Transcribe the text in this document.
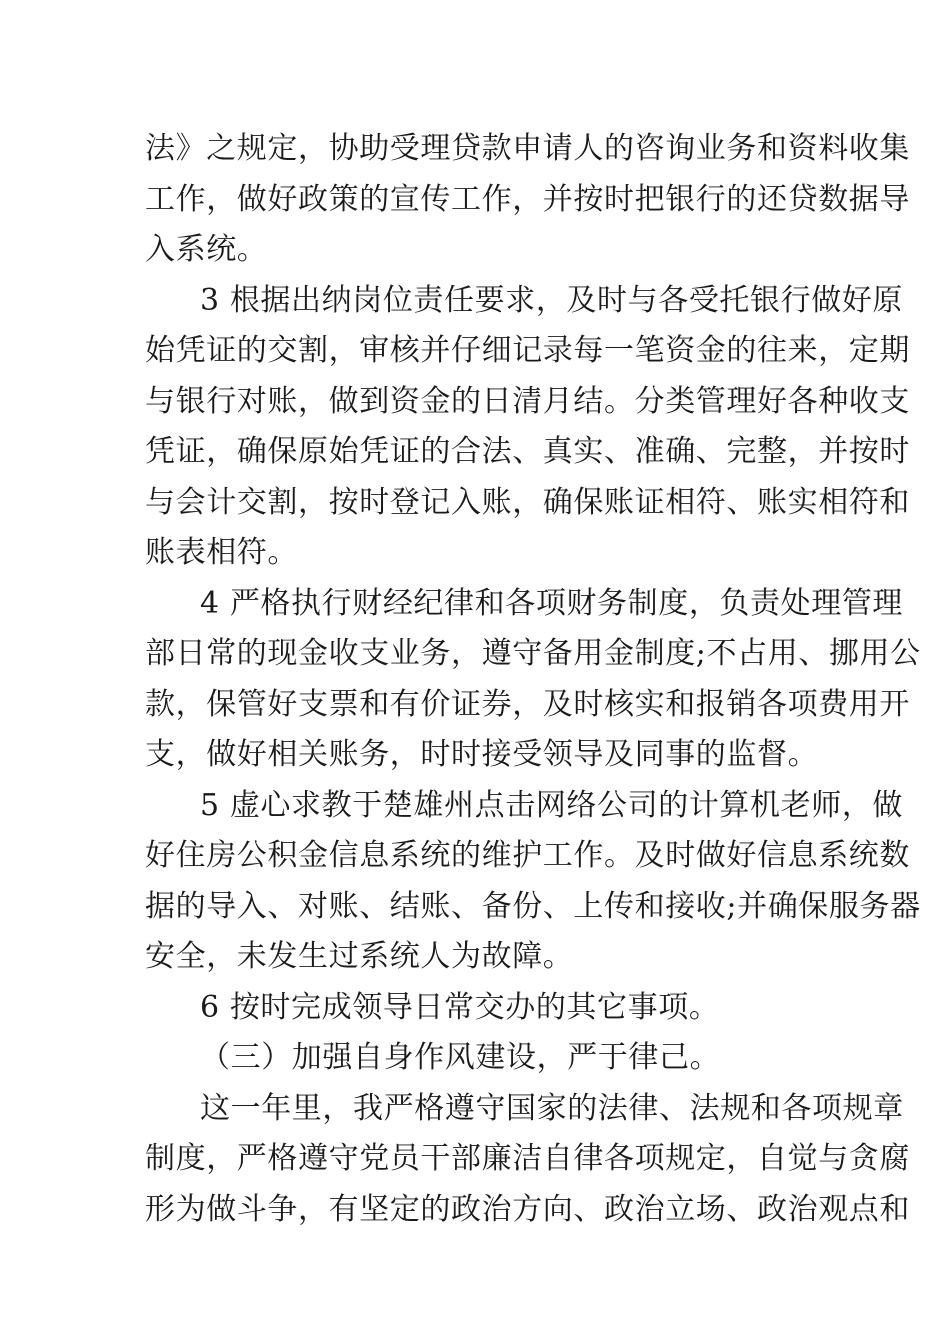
法》之规定，协助受理贷款申请人的咨询业务和资料收集
工作，做好政策的宣传工作，并按时把银行的还贷数据导
入系统。
3 根据出纳岗位责任要求，及时与各受托银行做好原
始凭证的交割，审核并仔细记录每一笔资金的往来，定期
与银行对账，做到资金的日清月结。分类管理好各种收支
凭证，确保原始凭证的合法、真实、准确、完整，并按时
与会计交割，按时登记入账，确保账证相符、账实相符和
账表相符。
4 严格执行财经纪律和各项财务制度，负责处理管理
部日常的现金收支业务，遵守备用金制度;不占用、挪用公
款，保管好支票和有价证券，及时核实和报销各项费用开
支，做好相关账务，时时接受领导及同事的监督。
5 虚心求教于楚雄州点击网络公司的计算机老师，做
好住房公积金信息系统的维护工作。及时做好信息系统数
据的导入、对账、结账、备份、上传和接收;并确保服务器
安全，未发生过系统人为故障。
6 按时完成领导日常交办的其它事项。
（三）加强自身作风建设，严于律己。
这一年里，我严格遵守国家的法律、法规和各项规章
制度，严格遵守党员干部廉洁自律各项规定，自觉与贪腐
形为做斗争，有坚定的政治方向、政治立场、政治观点和
